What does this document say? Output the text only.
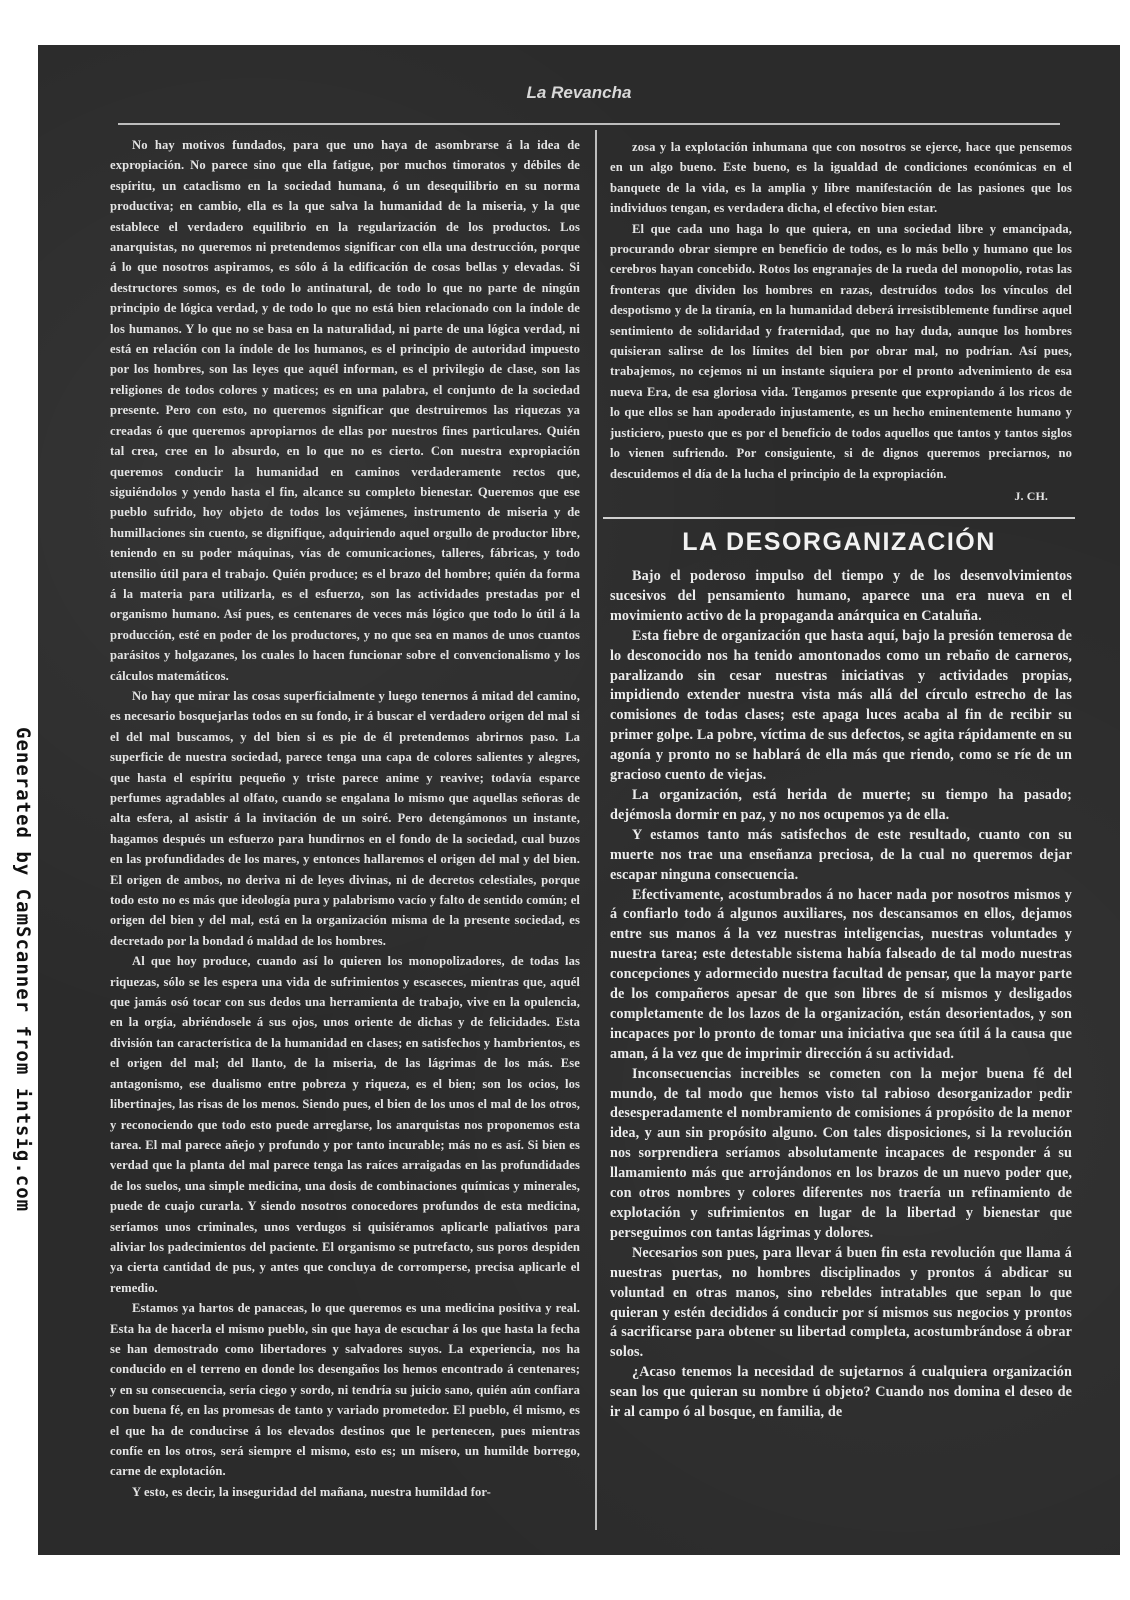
Generated by CamScanner from intsig.com
La Revancha

No hay motivos fundados, para que uno haya de asombrarse á la idea de expropiación. No parece sino que ella fatigue, por muchos timoratos y débiles de espíritu, un cataclismo en la sociedad humana, ó un desequilibrio en su norma productiva; en cambio, ella es la que salva la humanidad de la miseria, y la que establece el verdadero equilibrio en la regularización de los productos. Los anarquistas, no queremos ni pretendemos significar con ella una destrucción, porque á lo que nosotros aspiramos, es sólo á la edificación de cosas bellas y elevadas. Si destructores somos, es de todo lo antinatural, de todo lo que no parte de ningún principio de lógica verdad, y de todo lo que no está bien relacionado con la índole de los humanos. Y lo que no se basa en la naturalidad, ni parte de una lógica verdad, ni está en relación con la índole de los humanos, es el principio de autoridad impuesto por los hombres, son las leyes que aquél informan, es el privilegio de clase, son las religiones de todos colores y matices; es en una palabra, el conjunto de la sociedad presente. Pero con esto, no queremos significar que destruiremos las riquezas ya creadas ó que queremos apropiarnos de ellas por nuestros fines particulares. Quién tal crea, cree en lo absurdo, en lo que no es cierto. Con nuestra expropiación queremos conducir la humanidad en caminos verdaderamente rectos que, siguiéndolos y yendo hasta el fin, alcance su completo bienestar. Queremos que ese pueblo sufrido, hoy objeto de todos los vejámenes, instrumento de miseria y de humillaciones sin cuento, se dignifique, adquiriendo aquel orgullo de productor libre, teniendo en su poder máquinas, vías de comunicaciones, talleres, fábricas, y todo utensilio útil para el trabajo. Quién produce; es el brazo del hombre; quién da forma á la materia para utilizarla, es el esfuerzo, son las actividades prestadas por el organismo humano. Así pues, es centenares de veces más lógico que todo lo útil á la producción, esté en poder de los productores, y no que sea en manos de unos cuantos parásitos y holgazanes, los cuales lo hacen funcionar sobre el convencionalismo y los cálculos matemáticos.

No hay que mirar las cosas superficialmente y luego tenernos á mitad del camino, es necesario bosquejarlas todos en su fondo, ir á buscar el verdadero origen del mal si el del mal buscamos, y del bien si es pie de él pretendemos abrirnos paso. La superficie de nuestra sociedad, parece tenga una capa de colores salientes y alegres, que hasta el espíritu pequeño y triste parece anime y reavive; todavía esparce perfumes agradables al olfato, cuando se engalana lo mismo que aquellas señoras de alta esfera, al asistir á la invitación de un soiré. Pero detengámonos un instante, hagamos después un esfuerzo para hundirnos en el fondo de la sociedad, cual buzos en las profundidades de los mares, y entonces hallaremos el origen del mal y del bien. El origen de ambos, no deriva ni de leyes divinas, ni de decretos celestiales, porque todo esto no es más que ideología pura y palabrismo vacío y falto de sentido común; el origen del bien y del mal, está en la organización misma de la presente sociedad, es decretado por la bondad ó maldad de los hombres.

Al que hoy produce, cuando así lo quieren los monopolizadores, de todas las riquezas, sólo se les espera una vida de sufrimientos y escaseces, mientras que, aquél que jamás osó tocar con sus dedos una herramienta de trabajo, vive en la opulencia, en la orgía, abriéndosele á sus ojos, unos oriente de dichas y de felicidades. Esta división tan característica de la humanidad en clases; en satisfechos y hambrientos, es el origen del mal; del llanto, de la miseria, de las lágrimas de los más. Ese antagonismo, ese dualismo entre pobreza y riqueza, es el bien; son los ocios, los libertinajes, las risas de los menos. Siendo pues, el bien de los unos el mal de los otros, y reconociendo que todo esto puede arreglarse, los anarquistas nos proponemos esta tarea. El mal parece añejo y profundo y por tanto incurable; más no es así. Si bien es verdad que la planta del mal parece tenga las raíces arraigadas en las profundidades de los suelos, una simple medicina, una dosis de combinaciones químicas y minerales, puede de cuajo curarla. Y siendo nosotros conocedores profundos de esta medicina, seríamos unos criminales, unos verdugos si quisiéramos aplicarle paliativos para aliviar los padecimientos del paciente. El organismo se putrefacto, sus poros despiden ya cierta cantidad de pus, y antes que concluya de corromperse, precisa aplicarle el remedio.

Estamos ya hartos de panaceas, lo que queremos es una medicina positiva y real. Esta ha de hacerla el mismo pueblo, sin que haya de escuchar á los que hasta la fecha se han demostrado como libertadores y salvadores suyos. La experiencia, nos ha conducido en el terreno en donde los desengaños los hemos encontrado á centenares; y en su consecuencia, sería ciego y sordo, ni tendría su juicio sano, quién aún confiara con buena fé, en las promesas de tanto y variado prometedor. El pueblo, él mismo, es el que ha de conducirse á los elevados destinos que le pertenecen, pues mientras confíe en los otros, será siempre el mismo, esto es; un mísero, un humilde borrego, carne de explotación.

Y esto, es decir, la inseguridad del mañana, nuestra humildad for-

zosa y la explotación inhumana que con nosotros se ejerce, hace que pensemos en un algo bueno. Este bueno, es la igualdad de condiciones económicas en el banquete de la vida, es la amplia y libre manifestación de las pasiones que los individuos tengan, es verdadera dicha, el efectivo bien estar.

El que cada uno haga lo que quiera, en una sociedad libre y emancipada, procurando obrar siempre en beneficio de todos, es lo más bello y humano que los cerebros hayan concebido. Rotos los engranajes de la rueda del monopolio, rotas las fronteras que dividen los hombres en razas, destruídos todos los vínculos del despotismo y de la tiranía, en la humanidad deberá irresistiblemente fundirse aquel sentimiento de solidaridad y fraternidad, que no hay duda, aunque los hombres quisieran salirse de los límites del bien por obrar mal, no podrían. Así pues, trabajemos, no cejemos ni un instante siquiera por el pronto advenimiento de esa nueva Era, de esa gloriosa vida. Tengamos presente que expropiando á los ricos de lo que ellos se han apoderado injustamente, es un hecho eminentemente humano y justiciero, puesto que es por el beneficio de todos aquellos que tantos y tantos siglos lo vienen sufriendo. Por consiguiente, si de dignos queremos preciarnos, no descuidemos el día de la lucha el principio de la expropiación.

J. CH.
LA DESORGANIZACIÓN

Bajo el poderoso impulso del tiempo y de los desenvolvimientos sucesivos del pensamiento humano, aparece una era nueva en el movimiento activo de la propaganda anárquica en Cataluña.

Esta fiebre de organización que hasta aquí, bajo la presión temerosa de lo desconocido nos ha tenido amontonados como un rebaño de carneros, paralizando sin cesar nuestras iniciativas y actividades propias, impidiendo extender nuestra vista más allá del círculo estrecho de las comisiones de todas clases; este apaga luces acaba al fin de recibir su primer golpe. La pobre, víctima de sus defectos, se agita rápidamente en su agonía y pronto no se hablará de ella más que riendo, como se ríe de un gracioso cuento de viejas.

La organización, está herida de muerte; su tiempo ha pasado; dejémosla dormir en paz, y no nos ocupemos ya de ella.

Y estamos tanto más satisfechos de este resultado, cuanto con su muerte nos trae una enseñanza preciosa, de la cual no queremos dejar escapar ninguna consecuencia.

Efectivamente, acostumbrados á no hacer nada por nosotros mismos y á confiarlo todo á algunos auxiliares, nos descansamos en ellos, dejamos entre sus manos á la vez nuestras inteligencias, nuestras voluntades y nuestra tarea; este detestable sistema había falseado de tal modo nuestras concepciones y adormecido nuestra facultad de pensar, que la mayor parte de los compañeros apesar de que son libres de sí mismos y desligados completamente de los lazos de la organización, están desorientados, y son incapaces por lo pronto de tomar una iniciativa que sea útil á la causa que aman, á la vez que de imprimir dirección á su actividad.

Inconsecuencias increibles se cometen con la mejor buena fé del mundo, de tal modo que hemos visto tal rabioso desorganizador pedir desesperadamente el nombramiento de comisiones á propósito de la menor idea, y aun sin propósito alguno. Con tales disposiciones, si la revolución nos sorprendiera seríamos absolutamente incapaces de responder á su llamamiento más que arrojándonos en los brazos de un nuevo poder que, con otros nombres y colores diferentes nos traería un refinamiento de explotación y sufrimientos en lugar de la libertad y bienestar que perseguimos con tantas lágrimas y dolores.

Necesarios son pues, para llevar á buen fin esta revolución que llama á nuestras puertas, no hombres disciplinados y prontos á abdicar su voluntad en otras manos, sino rebeldes intratables que sepan lo que quieran y estén decididos á conducir por sí mismos sus negocios y prontos á sacrificarse para obtener su libertad completa, acostumbrándose á obrar solos.

¿Acaso tenemos la necesidad de sujetarnos á cualquiera organización sean los que quieran su nombre ú objeto? Cuando nos domina el deseo de ir al campo ó al bosque, en familia, de
